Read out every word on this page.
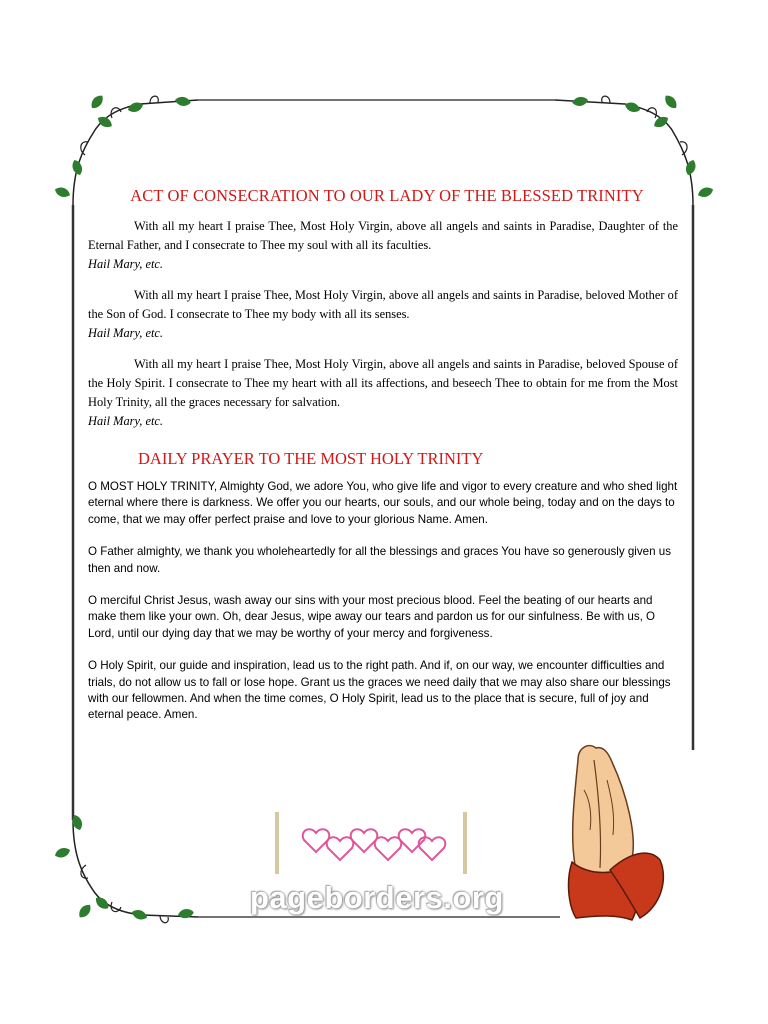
ACT OF CONSECRATION TO OUR LADY OF THE BLESSED TRINITY

With all my heart I praise Thee, Most Holy Virgin, above all angels and saints in Paradise, Daughter of the Eternal Father, and I consecrate to Thee my soul with all its faculties.

Hail Mary, etc.

With all my heart I praise Thee, Most Holy Virgin, above all angels and saints in Paradise, beloved Mother of the Son of God. I consecrate to Thee my body with all its senses.

Hail Mary, etc.

With all my heart I praise Thee, Most Holy Virgin, above all angels and saints in Paradise, beloved Spouse of the Holy Spirit. I consecrate to Thee my heart with all its affections, and beseech Thee to obtain for me from the Most Holy Trinity, all the graces necessary for salvation.

Hail Mary, etc.

DAILY PRAYER TO THE MOST HOLY TRINITY

O MOST HOLY TRINITY, Almighty God, we adore You, who give life and vigor to every creature and who shed light eternal where there is darkness. We offer you our hearts, our souls, and our whole being, today and on the days to come, that we may offer perfect praise and love to your glorious Name. Amen.

O Father almighty, we thank you wholeheartedly for all the blessings and graces You have so generously given us then and now.

O merciful Christ Jesus, wash away our sins with your most precious blood. Feel the beating of our hearts and make them like your own. Oh, dear Jesus, wipe away our tears and pardon us for our sinfulness. Be with us, O Lord, until our dying day that we may be worthy of your mercy and forgiveness.

O Holy Spirit, our guide and inspiration, lead us to the right path. And if, on our way, we encounter difficulties and trials, do not allow us to fall or lose hope. Grant us the graces we need daily that we may also share our blessings with our fellowmen. And when the time comes, O Holy Spirit, lead us to the place that is secure, full of joy and eternal peace. Amen.

pageborders.org
